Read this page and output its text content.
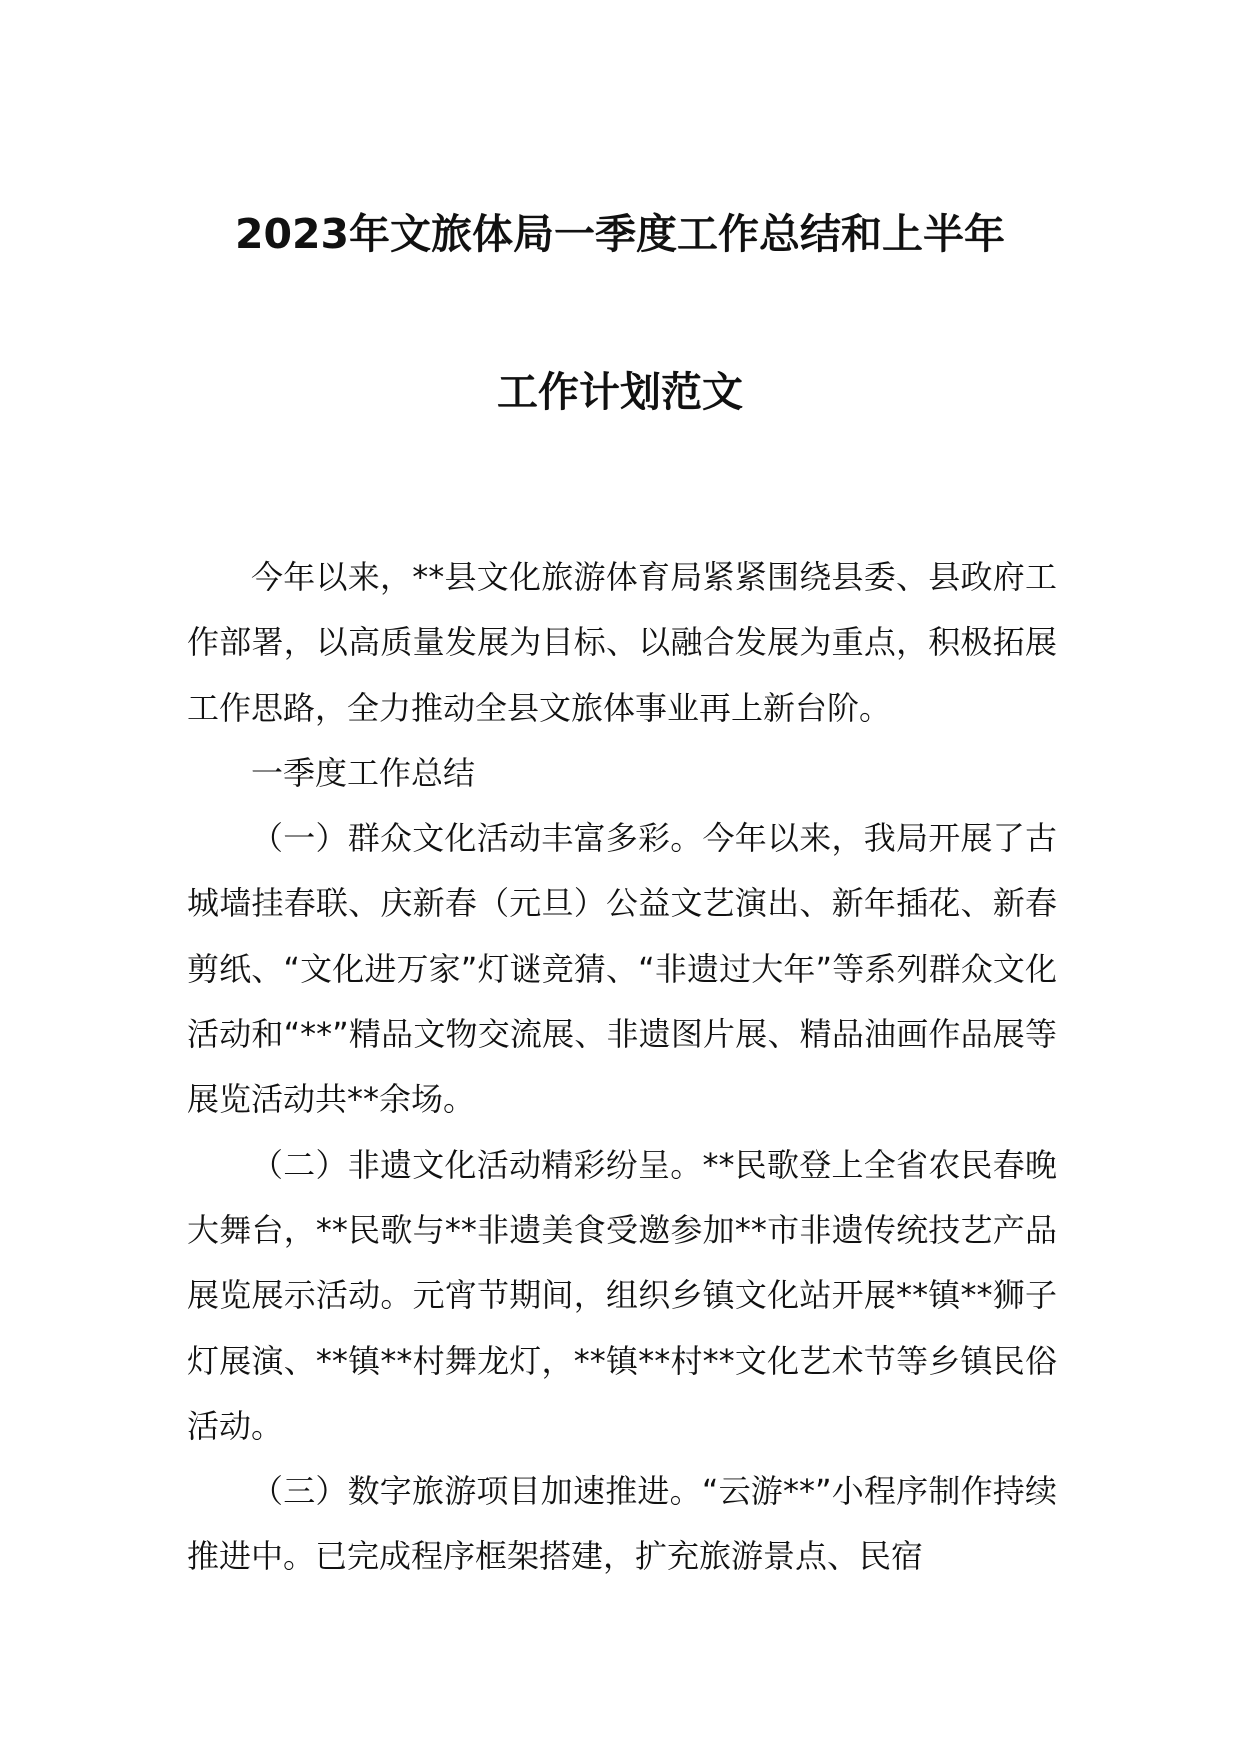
2023年文旅体局一季度工作总结和上半年
工作计划范文

今年以来，**县文化旅游体育局紧紧围绕县委、县政府工作部署，以高质量发展为目标、以融合发展为重点，积极拓展工作思路，全力推动全县文旅体事业再上新台阶。

一季度工作总结

（一）群众文化活动丰富多彩。今年以来，我局开展了古城墙挂春联、庆新春（元旦）公益文艺演出、新年插花、新春剪纸、“文化进万家”灯谜竞猜、“非遗过大年”等系列群众文化活动和“**”精品文物交流展、非遗图片展、精品油画作品展等展览活动共**余场。

（二）非遗文化活动精彩纷呈。**民歌登上全省农民春晚大舞台，**民歌与**非遗美食受邀参加**市非遗传统技艺产品展览展示活动。元宵节期间，组织乡镇文化站开展**镇**狮子灯展演、**镇**村舞龙灯，**镇**村**文化艺术节等乡镇民俗活动。

（三）数字旅游项目加速推进。“云游**”小程序制作持续推进中。已完成程序框架搭建，扩充旅游景点、民宿
